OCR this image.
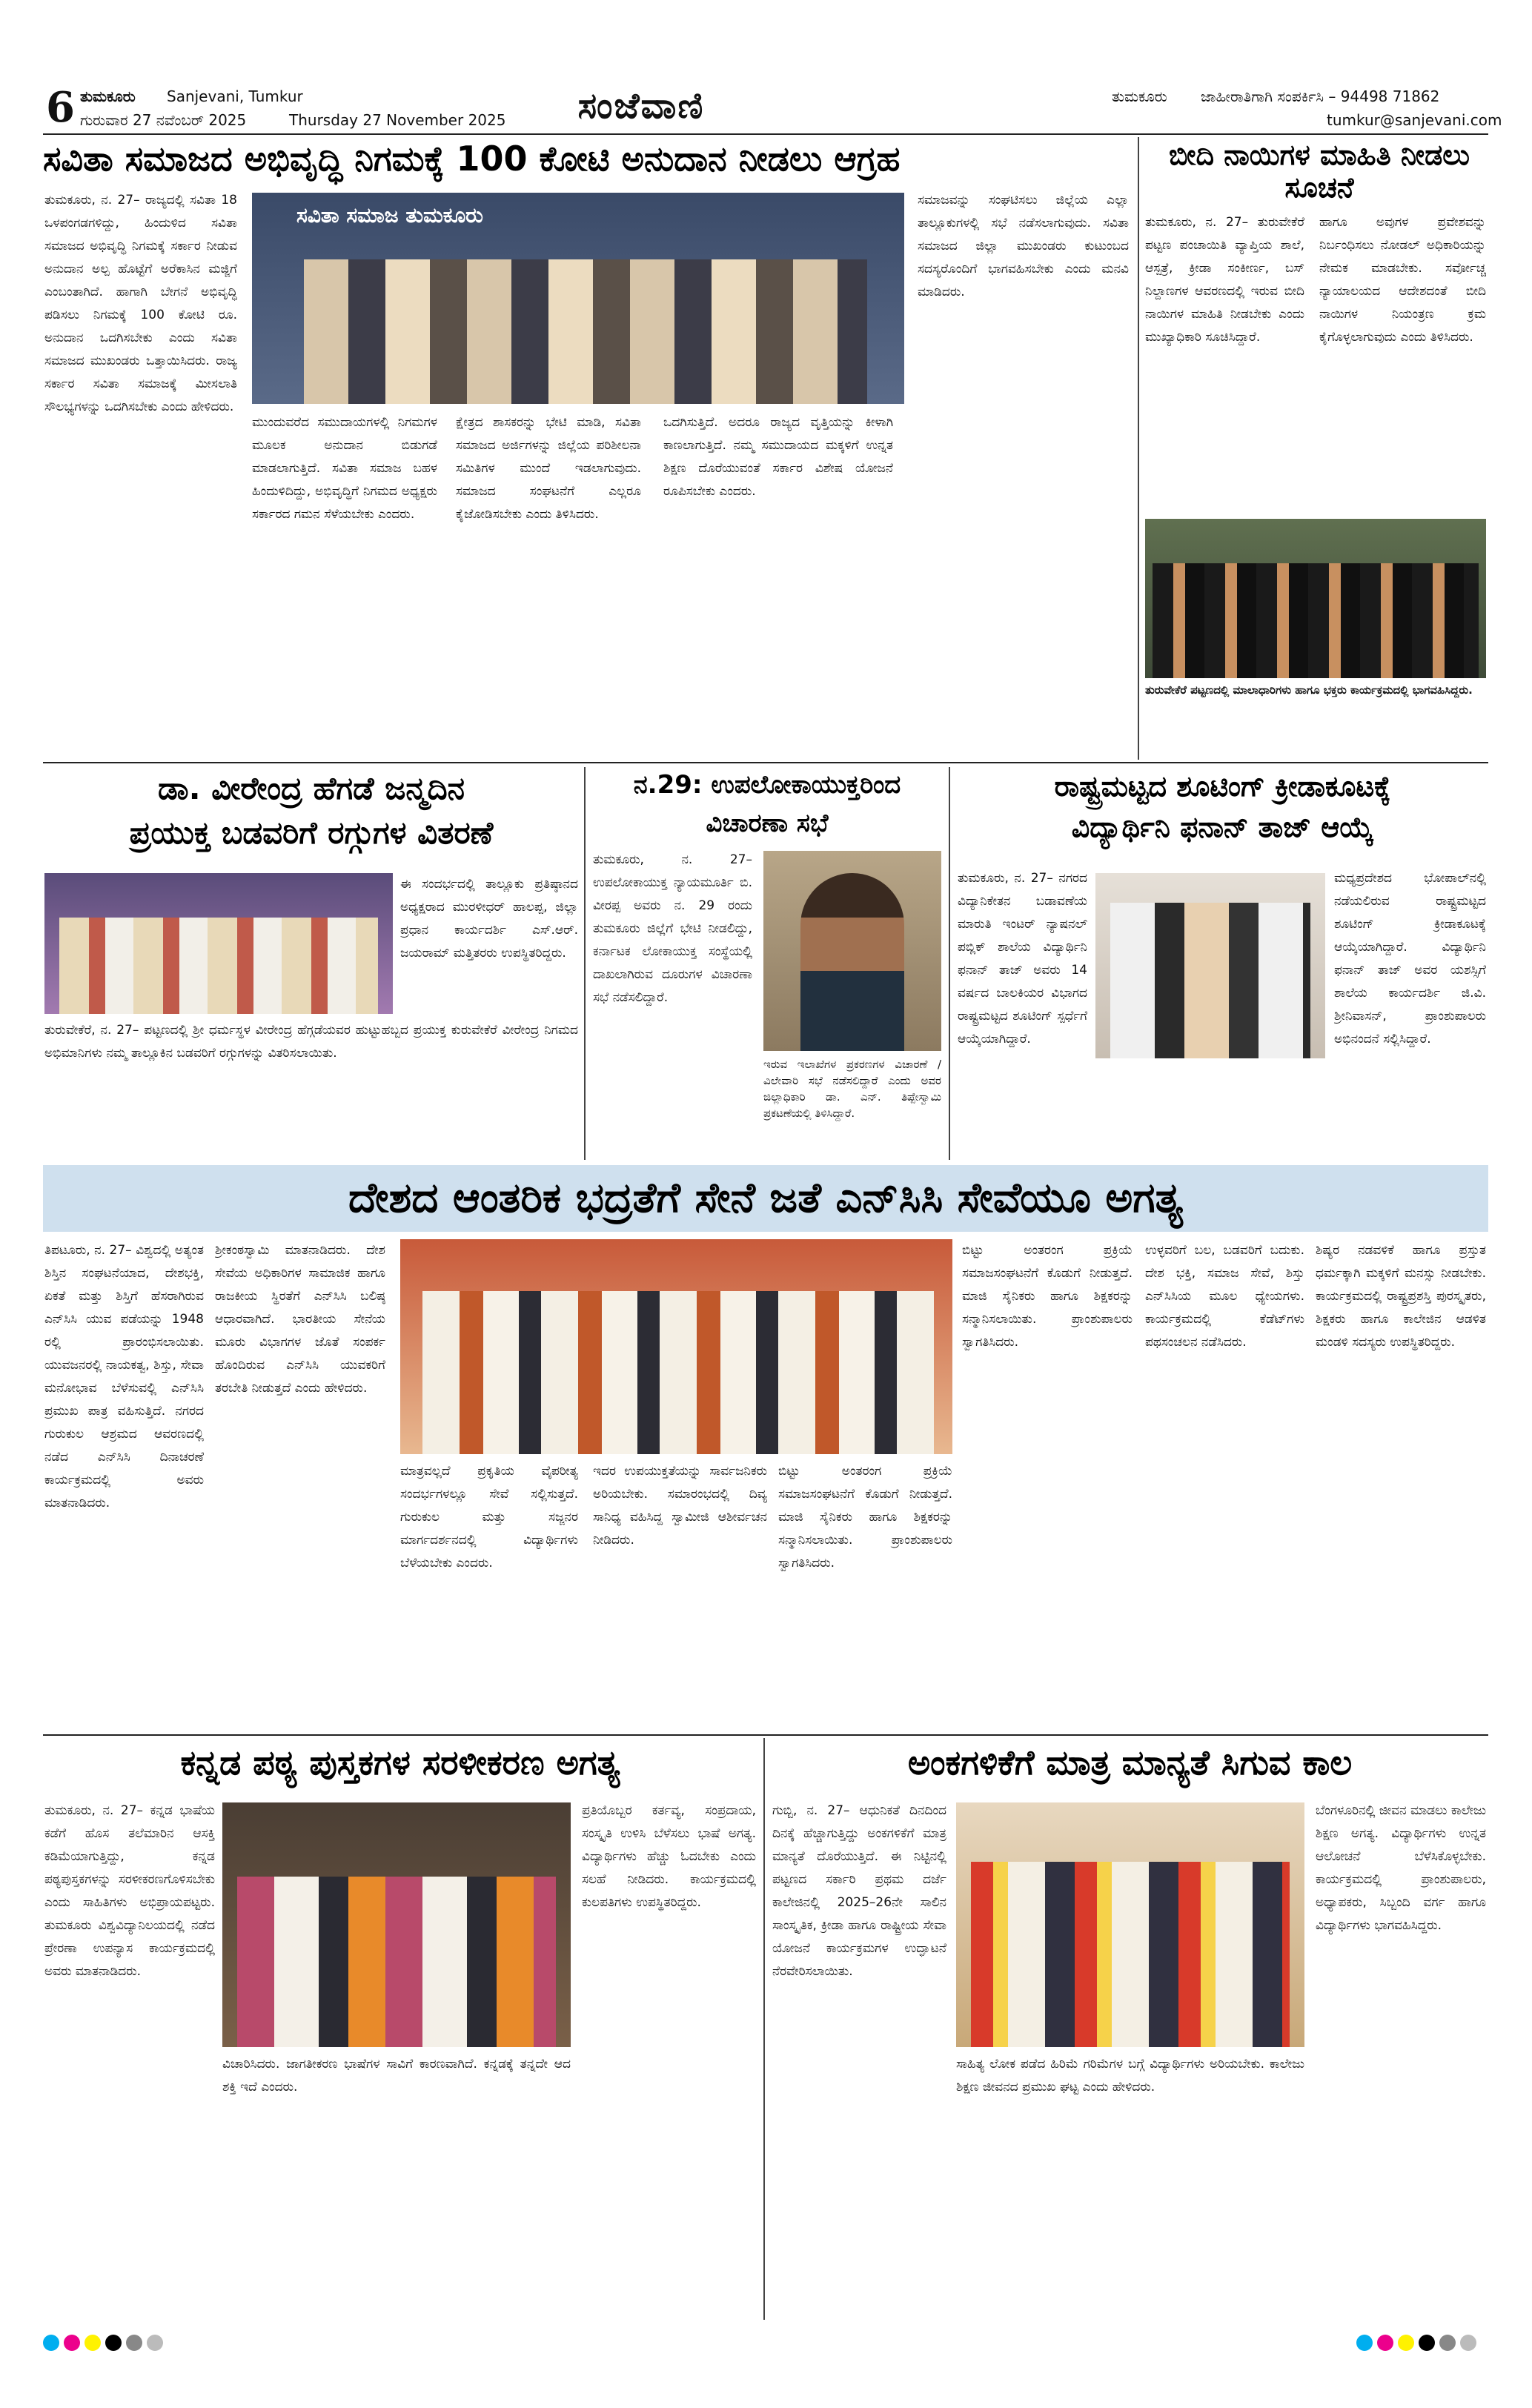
6 ತುಮಕೂರು Sanjevani, Tumkur
ಗುರುವಾರ 27 ನವೆಂಬರ್ 2025	Thursday 27 November 2025 ಸಂಜೆವಾಣಿ	ತುಮಕೂರು ಜಾಹೀರಾತಿಗಾಗಿ ಸಂಪರ್ಕಿಸಿ – 94498 71862
tumkur@sanjevani.com
ಸವಿತಾ ಸಮಾಜದ ಅಭಿವೃದ್ಧಿ ನಿಗಮಕ್ಕೆ 100 ಕೋಟಿ ಅನುದಾನ ನೀಡಲು ಆಗ್ರಹ
ತುಮಕೂರು, ನ. 27– ರಾಜ್ಯದಲ್ಲಿ ಸವಿತಾ 18 ಒಳಪಂಗಡಗಳಿದ್ದು, ಹಿಂದುಳಿದ ಸವಿತಾ ಸಮಾಜದ ಅಭಿವೃದ್ಧಿ ನಿಗಮಕ್ಕೆ ಸರ್ಕಾರ ನೀಡುವ ಅನುದಾನ ಅಲ್ಪ ಹೊಟ್ಟೆಗೆ ಅರೆಕಾಸಿನ ಮಜ್ಜಿಗೆ ಎಂಬಂತಾಗಿದೆ. ಹಾಗಾಗಿ ಬೇಗನೆ ಅಭಿವೃದ್ಧಿ ಪಡಿಸಲು ನಿಗಮಕ್ಕೆ 100 ಕೋಟಿ ರೂ. ಅನುದಾನ ಒದಗಿಸಬೇಕು ಎಂದು ಸವಿತಾ ಸಮಾಜದ ಮುಖಂಡರು ಒತ್ತಾಯಿಸಿದರು. ರಾಜ್ಯ ಸರ್ಕಾರ ಸವಿತಾ ಸಮಾಜಕ್ಕೆ ಮೀಸಲಾತಿ ಸೌಲಭ್ಯಗಳನ್ನು ಒದಗಿಸಬೇಕು ಎಂದು ಹೇಳಿದರು.
ಸವಿತಾ ಸಮಾಜ ತುಮಕೂರು
ಮುಂದುವರೆದ ಸಮುದಾಯಗಳಲ್ಲಿ ನಿಗಮಗಳ ಮೂಲಕ ಅನುದಾನ ಬಿಡುಗಡೆ ಮಾಡಲಾಗುತ್ತಿದೆ. ಸವಿತಾ ಸಮಾಜ ಬಹಳ ಹಿಂದುಳಿದಿದ್ದು, ಅಭಿವೃದ್ಧಿಗೆ ನಿಗಮದ ಅಧ್ಯಕ್ಷರು ಸರ್ಕಾರದ ಗಮನ ಸೆಳೆಯಬೇಕು ಎಂದರು.
ಕ್ಷೇತ್ರದ ಶಾಸಕರನ್ನು ಭೇಟಿ ಮಾಡಿ, ಸವಿತಾ ಸಮಾಜದ ಅರ್ಜಿಗಳನ್ನು ಜಿಲ್ಲೆಯ ಪರಿಶೀಲನಾ ಸಮಿತಿಗಳ ಮುಂದೆ ಇಡಲಾಗುವುದು. ಸಮಾಜದ ಸಂಘಟನೆಗೆ ಎಲ್ಲರೂ ಕೈಜೋಡಿಸಬೇಕು ಎಂದು ತಿಳಿಸಿದರು.
ಒದಗಿಸುತ್ತಿದೆ. ಅದರೂ ರಾಜ್ಯದ ವೃತ್ತಿಯನ್ನು ಕೀಳಾಗಿ ಕಾಣಲಾಗುತ್ತಿದೆ. ನಮ್ಮ ಸಮುದಾಯದ ಮಕ್ಕಳಿಗೆ ಉನ್ನತ ಶಿಕ್ಷಣ ದೊರೆಯುವಂತೆ ಸರ್ಕಾರ ವಿಶೇಷ ಯೋಜನೆ ರೂಪಿಸಬೇಕು ಎಂದರು.
ಸಮಾಜವನ್ನು ಸಂಘಟಿಸಲು ಜಿಲ್ಲೆಯ ಎಲ್ಲಾ ತಾಲ್ಲೂಕುಗಳಲ್ಲಿ ಸಭೆ ನಡೆಸಲಾಗುವುದು. ಸವಿತಾ ಸಮಾಜದ ಜಿಲ್ಲಾ ಮುಖಂಡರು ಕುಟುಂಬದ ಸದಸ್ಯರೊಂದಿಗೆ ಭಾಗವಹಿಸಬೇಕು ಎಂದು ಮನವಿ ಮಾಡಿದರು.
ಬೀದಿ ನಾಯಿಗಳ ಮಾಹಿತಿ ನೀಡಲು ಸೂಚನೆ
ತುಮಕೂರು, ನ. 27– ತುರುವೇಕೆರೆ ಪಟ್ಟಣ ಪಂಚಾಯಿತಿ ವ್ಯಾಪ್ತಿಯ ಶಾಲೆ, ಆಸ್ಪತ್ರೆ, ಕ್ರೀಡಾ ಸಂಕೀರ್ಣ, ಬಸ್ ನಿಲ್ದಾಣಗಳ ಆವರಣದಲ್ಲಿ ಇರುವ ಬೀದಿ ನಾಯಿಗಳ ಮಾಹಿತಿ ನೀಡಬೇಕು ಎಂದು ಮುಖ್ಯಾಧಿಕಾರಿ ಸೂಚಿಸಿದ್ದಾರೆ.
ಹಾಗೂ ಅವುಗಳ ಪ್ರವೇಶವನ್ನು ನಿರ್ಬಂಧಿಸಲು ನೋಡಲ್ ಅಧಿಕಾರಿಯನ್ನು ನೇಮಕ ಮಾಡಬೇಕು. ಸರ್ವೋಚ್ಚ ನ್ಯಾಯಾಲಯದ ಆದೇಶದಂತೆ ಬೀದಿ ನಾಯಿಗಳ ನಿಯಂತ್ರಣ ಕ್ರಮ ಕೈಗೊಳ್ಳಲಾಗುವುದು ಎಂದು ತಿಳಿಸಿದರು.
ತುರುವೇಕೆರೆ ಪಟ್ಟಣದಲ್ಲಿ ಮಾಲಾಧಾರಿಗಳು ಹಾಗೂ ಭಕ್ತರು ಕಾರ್ಯಕ್ರಮದಲ್ಲಿ ಭಾಗವಹಿಸಿದ್ದರು.
ಡಾ. ವೀರೇಂದ್ರ ಹೆಗಡೆ ಜನ್ಮದಿನ
ಪ್ರಯುಕ್ತ ಬಡವರಿಗೆ ರಗ್ಗುಗಳ ವಿತರಣೆ
ಈ ಸಂದರ್ಭದಲ್ಲಿ ತಾಲ್ಲೂಕು ಪ್ರತಿಷ್ಠಾನದ ಅಧ್ಯಕ್ಷರಾದ ಮುರಳೀಧರ್ ಹಾಲಪ್ಪ, ಜಿಲ್ಲಾ ಪ್ರಧಾನ ಕಾರ್ಯದರ್ಶಿ ಎಸ್.ಆರ್. ಜಯರಾಮ್ ಮತ್ತಿತರರು ಉಪಸ್ಥಿತರಿದ್ದರು.
ತುರುವೇಕೆರೆ, ನ. 27– ಪಟ್ಟಣದಲ್ಲಿ ಶ್ರೀ ಧರ್ಮಸ್ಥಳ ವೀರೇಂದ್ರ ಹೆಗ್ಗಡೆಯವರ ಹುಟ್ಟುಹಬ್ಬದ ಪ್ರಯುಕ್ತ ಕುರುವೇಕೆರೆ ವೀರೇಂದ್ರ ನಿಗಮದ ಅಭಿಮಾನಿಗಳು ನಮ್ಮ ತಾಲ್ಲೂಕಿನ ಬಡವರಿಗೆ ರಗ್ಗುಗಳನ್ನು ವಿತರಿಸಲಾಯಿತು.
ನ.29: ಉಪಲೋಕಾಯುಕ್ತರಿಂದ
ವಿಚಾರಣಾ ಸಭೆ
ತುಮಕೂರು, ನ. 27– ಉಪಲೋಕಾಯುಕ್ತ ನ್ಯಾಯಮೂರ್ತಿ ಬಿ. ವೀರಪ್ಪ ಅವರು ನ. 29 ರಂದು ತುಮಕೂರು ಜಿಲ್ಲೆಗೆ ಭೇಟಿ ನೀಡಲಿದ್ದು, ಕರ್ನಾಟಕ ಲೋಕಾಯುಕ್ತ ಸಂಸ್ಥೆಯಲ್ಲಿ ದಾಖಲಾಗಿರುವ ದೂರುಗಳ ವಿಚಾರಣಾ ಸಭೆ ನಡೆಸಲಿದ್ದಾರೆ.
ಇರುವ ಇಲಾಖೆಗಳ ಪ್ರಕರಣಗಳ ವಿಚಾರಣೆ / ವಿಲೇವಾರಿ ಸಭೆ ನಡೆಸಲಿದ್ದಾರೆ ಎಂದು ಅವರ ಜಿಲ್ಲಾಧಿಕಾರಿ ಡಾ. ಎನ್. ತಿಪ್ಪೇಸ್ವಾಮಿ ಪ್ರಕಟಣೆಯಲ್ಲಿ ತಿಳಿಸಿದ್ದಾರೆ.
ರಾಷ್ಟ್ರಮಟ್ಟದ ಶೂಟಿಂಗ್ ಕ್ರೀಡಾಕೂಟಕ್ಕೆ
ವಿದ್ಯಾರ್ಥಿನಿ ಫನಾನ್ ತಾಜ್ ಆಯ್ಕೆ
ತುಮಕೂರು, ನ. 27– ನಗರದ ವಿದ್ಯಾನಿಕೇತನ ಬಡಾವಣೆಯ ಮಾರುತಿ ಇಂಟರ್ ನ್ಯಾಷನಲ್ ಪಬ್ಲಿಕ್ ಶಾಲೆಯ ವಿದ್ಯಾರ್ಥಿನಿ ಫನಾನ್ ತಾಜ್ ಅವರು 14 ವರ್ಷದ ಬಾಲಕಿಯರ ವಿಭಾಗದ ರಾಷ್ಟ್ರಮಟ್ಟದ ಶೂಟಿಂಗ್ ಸ್ಪರ್ಧೆಗೆ ಆಯ್ಕೆಯಾಗಿದ್ದಾರೆ.
ಮಧ್ಯಪ್ರದೇಶದ ಭೋಪಾಲ್‌ನಲ್ಲಿ ನಡೆಯಲಿರುವ ರಾಷ್ಟ್ರಮಟ್ಟದ ಶೂಟಿಂಗ್ ಕ್ರೀಡಾಕೂಟಕ್ಕೆ ಆಯ್ಕೆಯಾಗಿದ್ದಾರೆ. ವಿದ್ಯಾರ್ಥಿನಿ ಫನಾನ್ ತಾಜ್ ಅವರ ಯಶಸ್ಸಿಗೆ ಶಾಲೆಯ ಕಾರ್ಯದರ್ಶಿ ಜಿ.ವಿ. ಶ್ರೀನಿವಾಸನ್, ಪ್ರಾಂಶುಪಾಲರು ಅಭಿನಂದನೆ ಸಲ್ಲಿಸಿದ್ದಾರೆ.
ದೇಶದ ಆಂತರಿಕ ಭದ್ರತೆಗೆ ಸೇನೆ ಜತೆ ಎನ್‌ಸಿಸಿ ಸೇವೆಯೂ ಅಗತ್ಯ
ತಿಪಟೂರು, ನ. 27– ವಿಶ್ವದಲ್ಲಿ ಅತ್ಯಂತ ಶಿಸ್ತಿನ ಸಂಘಟನೆಯಾದ, ದೇಶಭಕ್ತಿ, ಏಕತೆ ಮತ್ತು ಶಿಸ್ತಿಗೆ ಹೆಸರಾಗಿರುವ ಎನ್‌ಸಿಸಿ ಯುವ ಪಡೆಯನ್ನು 1948 ರಲ್ಲಿ ಪ್ರಾರಂಭಿಸಲಾಯಿತು. ಯುವಜನರಲ್ಲಿ ನಾಯಕತ್ವ, ಶಿಸ್ತು, ಸೇವಾ ಮನೋಭಾವ ಬೆಳೆಸುವಲ್ಲಿ ಎನ್‌ಸಿಸಿ ಪ್ರಮುಖ ಪಾತ್ರ ವಹಿಸುತ್ತಿದೆ. ನಗರದ ಗುರುಕುಲ ಆಶ್ರಮದ ಆವರಣದಲ್ಲಿ ನಡೆದ ಎನ್‌ಸಿಸಿ ದಿನಾಚರಣೆ ಕಾರ್ಯಕ್ರಮದಲ್ಲಿ ಅವರು ಮಾತನಾಡಿದರು.
ಶ್ರೀಕಂಠಸ್ವಾಮಿ ಮಾತನಾಡಿದರು. ದೇಶ ಸೇವೆಯ ಅಧಿಕಾರಿಗಳ ಸಾಮಾಜಿಕ ಹಾಗೂ ರಾಜಕೀಯ ಸ್ಥಿರತೆಗೆ ಎನ್‌ಸಿಸಿ ಬಲಿಷ್ಠ ಆಧಾರವಾಗಿದೆ. ಭಾರತೀಯ ಸೇನೆಯ ಮೂರು ವಿಭಾಗಗಳ ಜೊತೆ ಸಂಪರ್ಕ ಹೊಂದಿರುವ ಎನ್‌ಸಿಸಿ ಯುವಕರಿಗೆ ತರಬೇತಿ ನೀಡುತ್ತದೆ ಎಂದು ಹೇಳಿದರು.
ಮಾತ್ರವಲ್ಲದೆ ಪ್ರಕೃತಿಯ ವೈಪರೀತ್ಯ ಸಂದರ್ಭಗಳಲ್ಲೂ ಸೇವೆ ಸಲ್ಲಿಸುತ್ತದೆ. ಗುರುಕುಲ ಮತ್ತು ಸಜ್ಜನರ ಮಾರ್ಗದರ್ಶನದಲ್ಲಿ ವಿದ್ಯಾರ್ಥಿಗಳು ಬೆಳೆಯಬೇಕು ಎಂದರು.
ಇದರ ಉಪಯುಕ್ತತೆಯನ್ನು ಸಾರ್ವಜನಿಕರು ಅರಿಯಬೇಕು. ಸಮಾರಂಭದಲ್ಲಿ ದಿವ್ಯ ಸಾನಿಧ್ಯ ವಹಿಸಿದ್ದ ಸ್ವಾಮೀಜಿ ಆಶೀರ್ವಚನ ನೀಡಿದರು.
ಬಿಟ್ಟು ಅಂತರಂಗ ಪ್ರಕ್ರಿಯೆ ಸಮಾಜಸಂಘಟನೆಗೆ ಕೊಡುಗೆ ನೀಡುತ್ತದೆ. ಮಾಜಿ ಸೈನಿಕರು ಹಾಗೂ ಶಿಕ್ಷಕರನ್ನು ಸನ್ಮಾನಿಸಲಾಯಿತು. ಪ್ರಾಂಶುಪಾಲರು ಸ್ವಾಗತಿಸಿದರು.
ಬಿಟ್ಟು ಅಂತರಂಗ ಪ್ರಕ್ರಿಯೆ ಸಮಾಜಸಂಘಟನೆಗೆ ಕೊಡುಗೆ ನೀಡುತ್ತದೆ. ಮಾಜಿ ಸೈನಿಕರು ಹಾಗೂ ಶಿಕ್ಷಕರನ್ನು ಸನ್ಮಾನಿಸಲಾಯಿತು. ಪ್ರಾಂಶುಪಾಲರು ಸ್ವಾಗತಿಸಿದರು.
ಉಳ್ಳವರಿಗೆ ಬಲ, ಬಡವರಿಗೆ ಬದುಕು. ದೇಶ ಭಕ್ತಿ, ಸಮಾಜ ಸೇವೆ, ಶಿಸ್ತು ಎನ್‌ಸಿಸಿಯ ಮೂಲ ಧ್ಯೇಯಗಳು. ಕಾರ್ಯಕ್ರಮದಲ್ಲಿ ಕೆಡೆಟ್‌ಗಳು ಪಥಸಂಚಲನ ನಡೆಸಿದರು.
ಶಿಷ್ಯರ ನಡವಳಿಕೆ ಹಾಗೂ ಪ್ರಸ್ತುತ ಧರ್ಮಕ್ಕಾಗಿ ಮಕ್ಕಳಿಗೆ ಮನಸ್ಸು ನೀಡಬೇಕು. ಕಾರ್ಯಕ್ರಮದಲ್ಲಿ ರಾಷ್ಟ್ರಪ್ರಶಸ್ತಿ ಪುರಸ್ಕೃತರು, ಶಿಕ್ಷಕರು ಹಾಗೂ ಕಾಲೇಜಿನ ಆಡಳಿತ ಮಂಡಳಿ ಸದಸ್ಯರು ಉಪಸ್ಥಿತರಿದ್ದರು.
ಕನ್ನಡ ಪಠ್ಯ ಪುಸ್ತಕಗಳ ಸರಳೀಕರಣ ಅಗತ್ಯ
ತುಮಕೂರು, ನ. 27– ಕನ್ನಡ ಭಾಷೆಯ ಕಡೆಗೆ ಹೊಸ ತಲೆಮಾರಿನ ಆಸಕ್ತಿ ಕಡಿಮೆಯಾಗುತ್ತಿದ್ದು, ಕನ್ನಡ ಪಠ್ಯಪುಸ್ತಕಗಳನ್ನು ಸರಳೀಕರಣಗೊಳಿಸಬೇಕು ಎಂದು ಸಾಹಿತಿಗಳು ಅಭಿಪ್ರಾಯಪಟ್ಟರು. ತುಮಕೂರು ವಿಶ್ವವಿದ್ಯಾನಿಲಯದಲ್ಲಿ ನಡೆದ ಪ್ರೇರಣಾ ಉಪನ್ಯಾಸ ಕಾರ್ಯಕ್ರಮದಲ್ಲಿ ಅವರು ಮಾತನಾಡಿದರು.
ವಿಚಾರಿಸಿದರು. ಜಾಗತೀಕರಣ ಭಾಷೆಗಳ ಸಾವಿಗೆ ಕಾರಣವಾಗಿದೆ. ಕನ್ನಡಕ್ಕೆ ತನ್ನದೇ ಆದ ಶಕ್ತಿ ಇದೆ ಎಂದರು.
ಪ್ರತಿಯೊಬ್ಬರ ಕರ್ತವ್ಯ, ಸಂಪ್ರದಾಯ, ಸಂಸ್ಕೃತಿ ಉಳಿಸಿ ಬೆಳೆಸಲು ಭಾಷೆ ಅಗತ್ಯ. ವಿದ್ಯಾರ್ಥಿಗಳು ಹೆಚ್ಚು ಓದಬೇಕು ಎಂದು ಸಲಹೆ ನೀಡಿದರು. ಕಾರ್ಯಕ್ರಮದಲ್ಲಿ ಕುಲಪತಿಗಳು ಉಪಸ್ಥಿತರಿದ್ದರು.
ಅಂಕಗಳಿಕೆಗೆ ಮಾತ್ರ ಮಾನ್ಯತೆ ಸಿಗುವ ಕಾಲ
ಗುಬ್ಬಿ, ನ. 27– ಆಧುನಿಕತೆ ದಿನದಿಂದ ದಿನಕ್ಕೆ ಹೆಚ್ಚಾಗುತ್ತಿದ್ದು ಅಂಕಗಳಿಕೆಗೆ ಮಾತ್ರ ಮಾನ್ಯತೆ ದೊರೆಯುತ್ತಿದೆ. ಈ ನಿಟ್ಟಿನಲ್ಲಿ ಪಟ್ಟಣದ ಸರ್ಕಾರಿ ಪ್ರಥಮ ದರ್ಜೆ ಕಾಲೇಜಿನಲ್ಲಿ 2025–26ನೇ ಸಾಲಿನ ಸಾಂಸ್ಕೃತಿಕ, ಕ್ರೀಡಾ ಹಾಗೂ ರಾಷ್ಟ್ರೀಯ ಸೇವಾ ಯೋಜನೆ ಕಾರ್ಯಕ್ರಮಗಳ ಉದ್ಘಾಟನೆ ನೆರವೇರಿಸಲಾಯಿತು.
ಸಾಹಿತ್ಯ ಲೋಕ ಪಡೆದ ಹಿರಿಮೆ ಗರಿಮೆಗಳ ಬಗ್ಗೆ ವಿದ್ಯಾರ್ಥಿಗಳು ಅರಿಯಬೇಕು. ಕಾಲೇಜು ಶಿಕ್ಷಣ ಜೀವನದ ಪ್ರಮುಖ ಘಟ್ಟ ಎಂದು ಹೇಳಿದರು.
ಬೆಂಗಳೂರಿನಲ್ಲಿ ಜೀವನ ಮಾಡಲು ಕಾಲೇಜು ಶಿಕ್ಷಣ ಅಗತ್ಯ. ವಿದ್ಯಾರ್ಥಿಗಳು ಉನ್ನತ ಆಲೋಚನೆ ಬೆಳೆಸಿಕೊಳ್ಳಬೇಕು. ಕಾರ್ಯಕ್ರಮದಲ್ಲಿ ಪ್ರಾಂಶುಪಾಲರು, ಅಧ್ಯಾಪಕರು, ಸಿಬ್ಬಂದಿ ವರ್ಗ ಹಾಗೂ ವಿದ್ಯಾರ್ಥಿಗಳು ಭಾಗವಹಿಸಿದ್ದರು.
